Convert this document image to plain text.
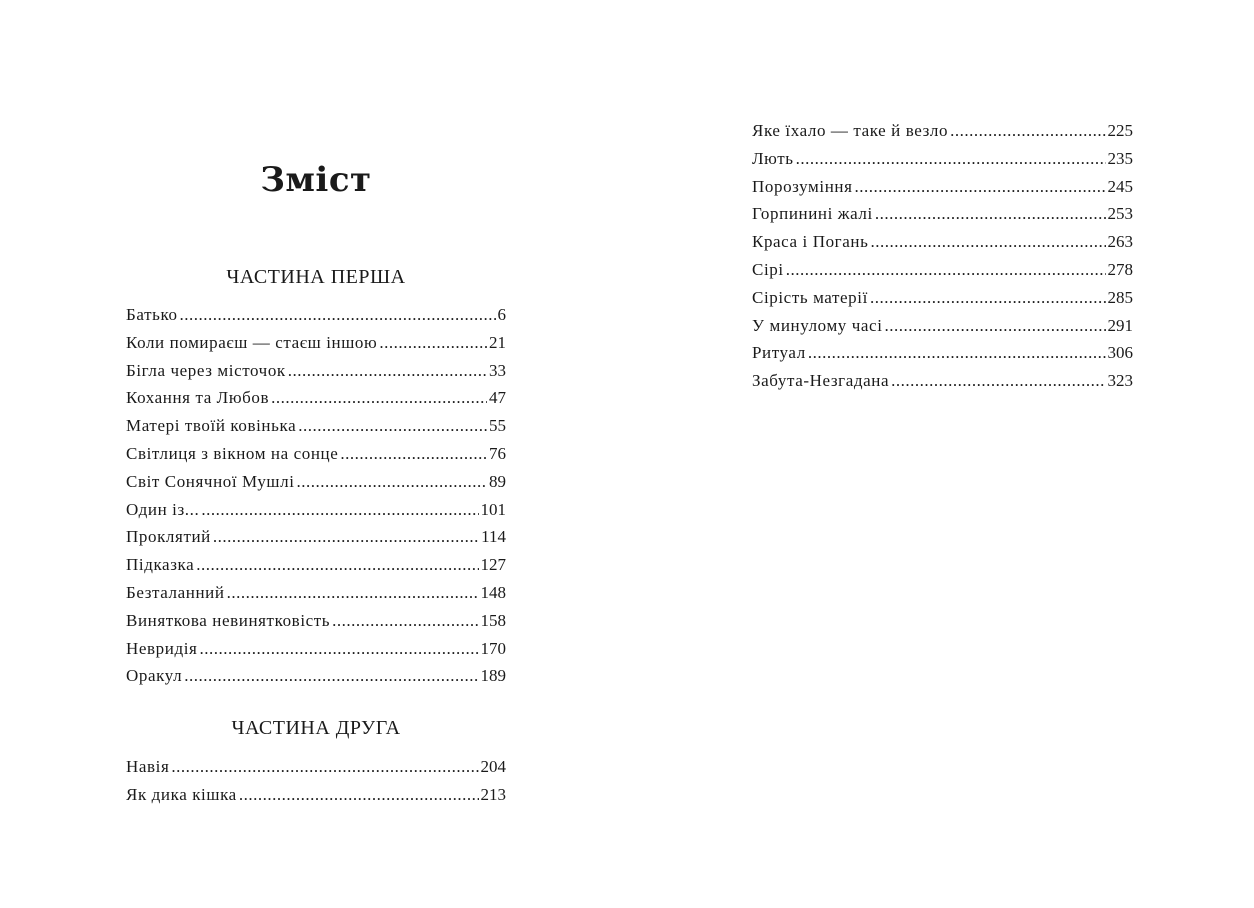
Зміст
ЧАСТИНА ПЕРША
Батько .....	6
Коли помираєш — стаєш іншою .....	21
Бігла через місточок .....	33
Кохання та Любов .....	47
Матері твоїй ковінька .....	55
Світлиця з вікном на сонце .....	76
Світ Сонячної Мушлі .....	89
Один із... .....	101
Проклятий .....	114
Підказка .....	127
Безталанний .....	148
Виняткова невинятковість .....	158
Невридія .....	170
Оракул .....	189
ЧАСТИНА ДРУГА
Навія .....	204
Як дика кішка .....	213
Яке їхало — таке й везло .....	225
Лють .....	235
Порозуміння .....	245
Горпинині жалі .....	253
Краса і Погань .....	263
Сірі .....	278
Сірість матерії .....	285
У минулому часі .....	291
Ритуал .....	306
Забута-Незгадана .....	323
